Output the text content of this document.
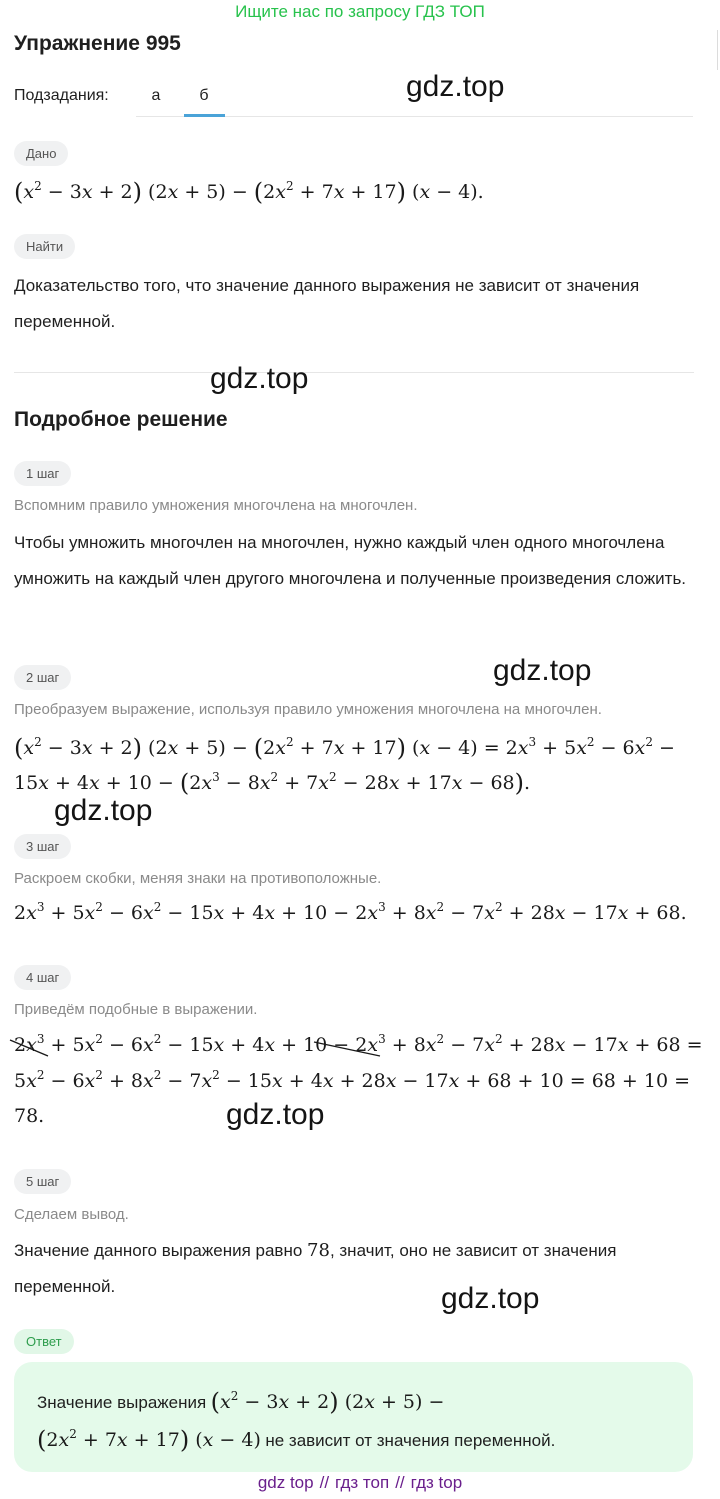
Ищите нас по запросу ГДЗ ТОП
Упражнение 995
Подзадания:	а	б	gdz.top
Дано
$(x^2 - 3x + 2) (2x + 5) - (2x^2 + 7x + 17) (x - 4)$.
Найти
Доказательство того, что значение данного выражения не зависит от значения переменной.
gdz.top
Подробное решение
1 шаг
Вспомним правило умножения многочлена на многочлен.
Чтобы умножить многочлен на многочлен, нужно каждый член одного многочлена умножить на каждый член другого многочлена и полученные произведения сложить.
gdz.top
2 шаг
Преобразуем выражение, используя правило умножения многочлена на многочлен.
$(x^2 - 3x + 2) (2x + 5) - (2x^2 + 7x + 17) (x - 4) = 2x^3 + 5x^2 - 6x^2$ −
$15x + 4x + 10 - (2x^3 - 8x^2 + 7x^2 - 28x + 17x - 68)$.
gdz.top
3 шаг
Раскроем скобки, меняя знаки на противоположные.
$2x^3 + 5x^2 - 6x^2 - 15x + 4x + 10 - 2x^3 + 8x^2 - 7x^2 + 28x - 17x + 68$.
4 шаг
Приведём подобные в выражении.
$2x^3 + 5x^2 - 6x^2 - 15x + 4x + 10 - 2x^3 + 8x^2 - 7x^2 + 28x - 17x + 68$ =
$5x^2 - 6x^2 + 8x^2 - 7x^2 - 15x + 4x + 28x - 17x + 68 + 10 = 68 + 10$ =
78.	gdz.top
5 шаг
Сделаем вывод.
Значение данного выражения равно 78, значит, оно не зависит от значения переменной.	gdz.top
Ответ
Значение выражения $(x^2 - 3x + 2) (2x + 5)$ −
$(2x^2 + 7x + 17) (x - 4)$ не зависит от значения переменной.
gdz top // гдз топ // гдз top
